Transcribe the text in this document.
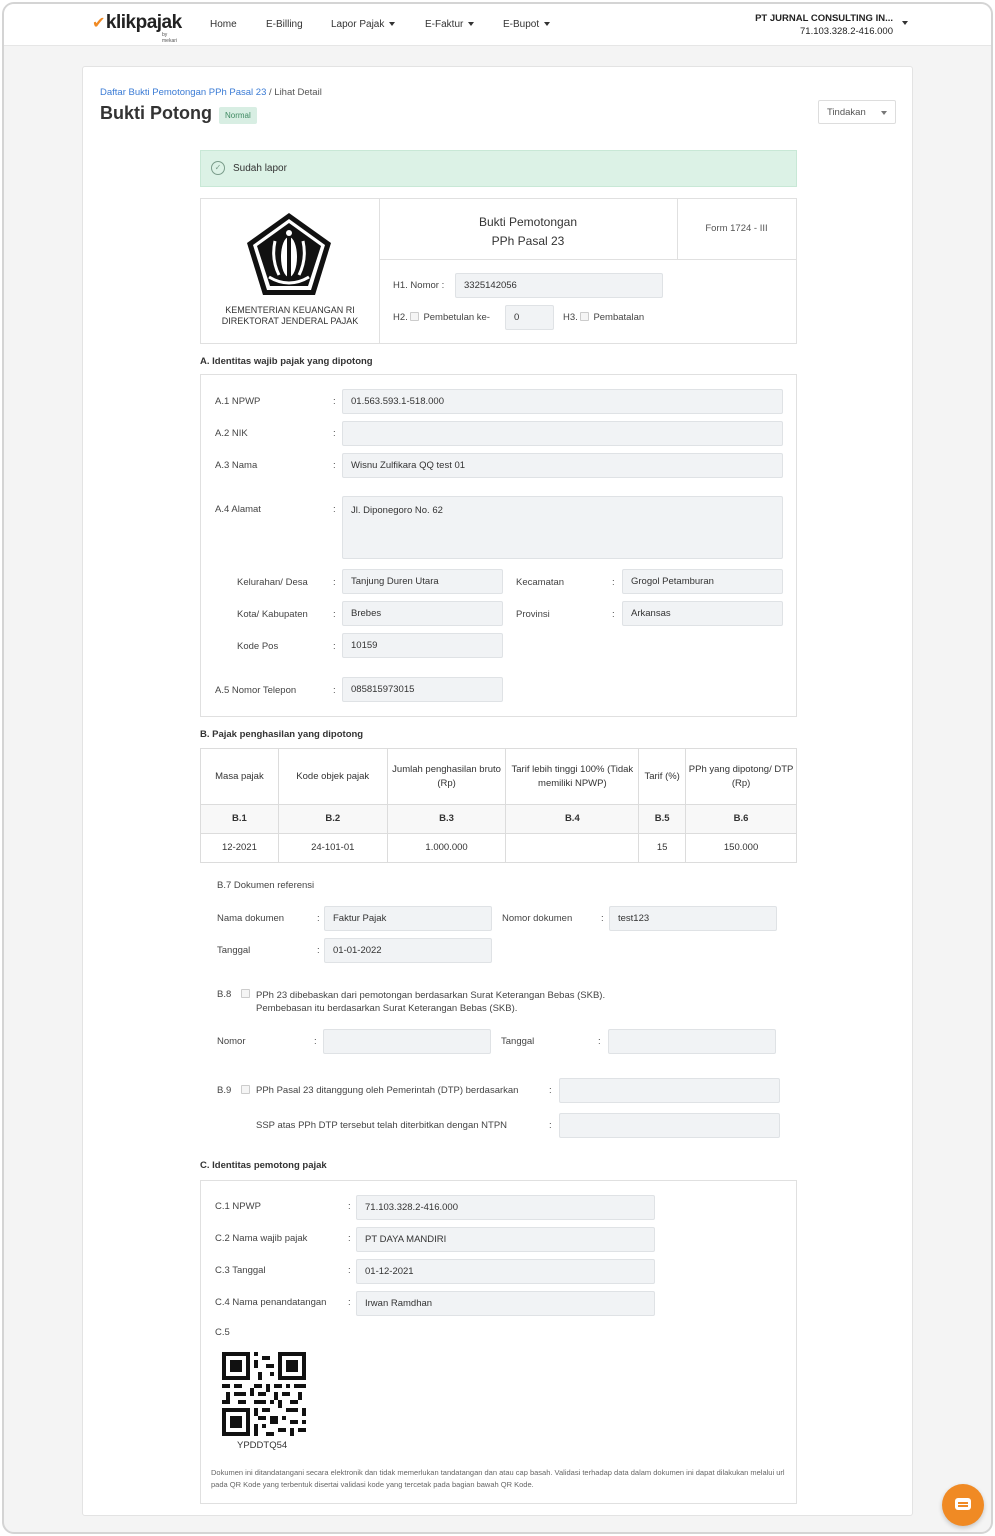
✔klikpajak
by mekari
Home	E-Billing	Lapor Pajak	E-Faktur	E-Bupot
PT JURNAL CONSULTING IN...
71.103.328.2-416.000
Daftar Bukti Pemotongan PPh Pasal 23 / Lihat Detail
Bukti Potong	Normal	Tindakan
✓	Sudah lapor
KEMENTERIAN KEUANGAN RI
DIREKTORAT JENDERAL PAJAK
Bukti Pemotongan
PPh Pasal 23
Form 1724 - III
H1. Nomor :	3325142056
H2. Pembetulan ke-	0	H3. Pembatalan
A. Identitas wajib pajak yang dipotong
A.1 NPWP	:	01.563.593.1-518.000
A.2 NIK	:
A.3 Nama	:	Wisnu Zulfikara QQ test 01
A.4 Alamat	:	Jl. Diponegoro No. 62
Kelurahan/ Desa	:	Tanjung Duren Utara	Kecamatan	:	Grogol Petamburan
Kota/ Kabupaten	:	Brebes	Provinsi	:	Arkansas
Kode Pos	:	10159
A.5 Nomor Telepon	:	085815973015
B. Pajak penghasilan yang dipotong
Masa pajak	Kode objek pajak	Jumlah penghasilan bruto (Rp)	Tarif lebih tinggi 100% (Tidak memiliki NPWP)	Tarif (%)	PPh yang dipotong/ DTP (Rp)
B.1	B.2	B.3	B.4	B.5	B.6
12-2021	24-101-01	1.000.000		15	150.000
B.7 Dokumen referensi
Nama dokumen	:	Faktur Pajak	Nomor dokumen	:	test123
Tanggal	:	01-01-2022
B.8	PPh 23 dibebaskan dari pemotongan berdasarkan Surat Keterangan Bebas (SKB).
Pembebasan itu berdasarkan Surat Keterangan Bebas (SKB).
Nomor	:	Tanggal	:
B.9	PPh Pasal 23 ditanggung oleh Pemerintah (DTP) berdasarkan	:
SSP atas PPh DTP tersebut telah diterbitkan dengan NTPN	:
C. Identitas pemotong pajak
C.1 NPWP	:	71.103.328.2-416.000
C.2 Nama wajib pajak	:	PT DAYA MANDIRI
C.3 Tanggal	:	01-12-2021
C.4 Nama penandatangan :	Irwan Ramdhan
C.5
YPDDTQ54
Dokumen ini ditandatangani secara elektronik dan tidak memerlukan tandatangan dan atau cap basah. Validasi terhadap data dalam dokumen ini dapat dilakukan melalui url pada QR Kode yang terbentuk disertai validasi kode yang tercetak pada bagian bawah QR Kode.
